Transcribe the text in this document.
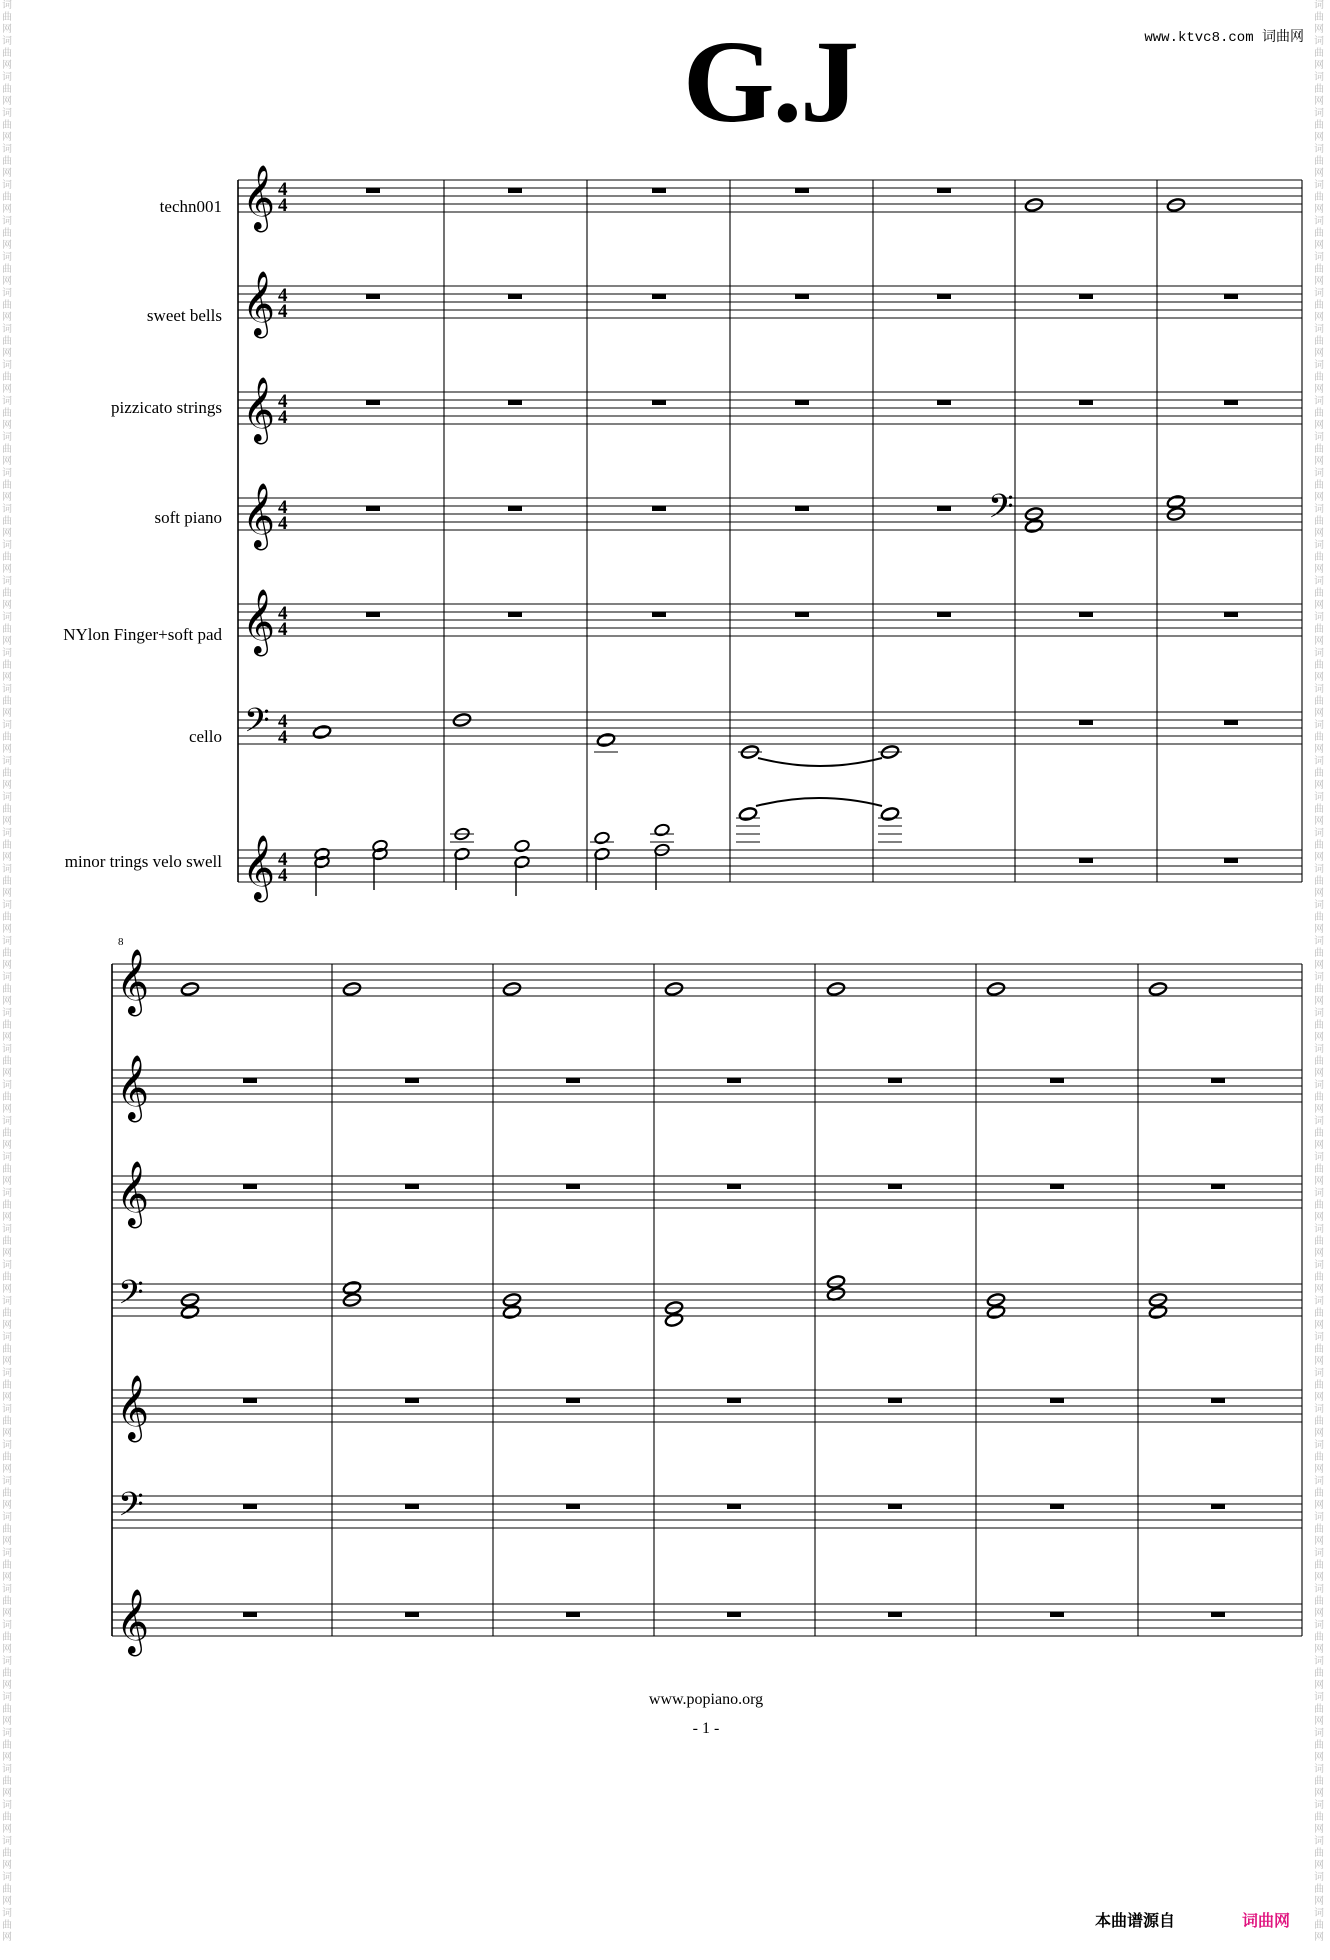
词曲网词曲网词曲网词曲网词曲网词曲网词曲网词曲网词曲网词曲网词曲网词曲网词曲网词曲网词曲网词曲网词曲网词曲网词曲网词曲网词曲网词曲网词曲网词曲网词曲网词曲网词曲网词曲网词曲网词曲网词曲网词曲网词曲网词曲网词曲网词曲网词曲网词曲网词曲网词曲网词曲网词曲网词曲网词曲网词曲网词曲网词曲网词曲网词曲网词曲网词曲网词曲网词曲网词曲网
词曲网词曲网词曲网词曲网词曲网词曲网词曲网词曲网词曲网词曲网词曲网词曲网词曲网词曲网词曲网词曲网词曲网词曲网词曲网词曲网词曲网词曲网词曲网词曲网词曲网词曲网词曲网词曲网词曲网词曲网词曲网词曲网词曲网词曲网词曲网词曲网词曲网词曲网词曲网词曲网词曲网词曲网词曲网词曲网词曲网词曲网词曲网词曲网词曲网词曲网词曲网词曲网词曲网词曲网
G.J	www.ktvc8.com 词曲网
techn001
sweet bells
pizzicato strings
soft piano
NYlon Finger+soft pad
cello
minor trings velo swell
8
𝄞 4
4
𝄞 4
4
𝄞 4
4
𝄞 4
4
𝄞 4
4
𝄢 4
4
𝄞 4
4
𝄢
𝄞
𝄞
𝄞
𝄢
𝄞
𝄢
𝄞
www.popiano.org
- 1 -
本曲谱源自	词曲网
